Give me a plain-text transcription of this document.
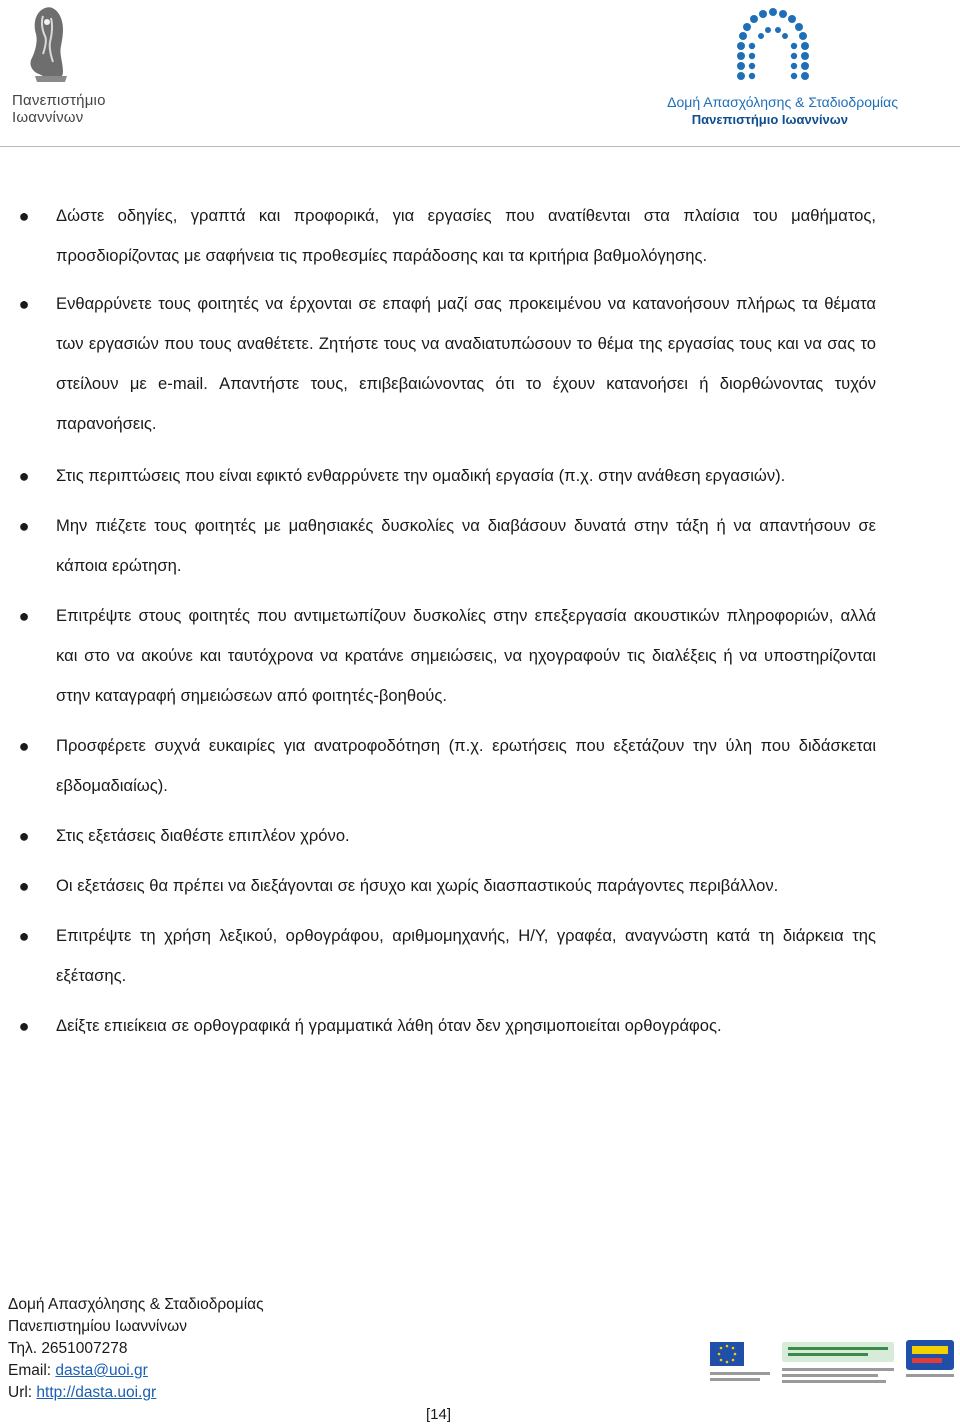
Πανεπιστήμιο
Ιωαννίνων
Δομή Απασχόλησης & Σταδιοδρομίας
Πανεπιστήμιο Ιωαννίνων
●	Δώστε οδηγίες, γραπτά και προφορικά, για εργασίες που ανατίθενται στα πλαίσια του μαθήματος, προσδιορίζοντας με σαφήνεια τις προθεσμίες παράδοσης και τα κριτήρια βαθμολόγησης.
●	Ενθαρρύνετε τους φοιτητές να έρχονται σε επαφή μαζί σας προκειμένου να κατανοήσουν πλήρως τα θέματα των εργασιών που τους αναθέτετε. Ζητήστε τους να αναδιατυπώσουν το θέμα της εργασίας τους και να σας το στείλουν με e-mail. Απαντήστε τους, επιβεβαιώνοντας ότι το έχουν κατανοήσει ή διορθώνοντας τυχόν παρανοήσεις.
●	Στις περιπτώσεις που είναι εφικτό ενθαρρύνετε την ομαδική εργασία (π.χ. στην ανάθεση εργασιών).
●	Μην πιέζετε τους φοιτητές με μαθησιακές δυσκολίες να διαβάσουν δυνατά στην τάξη ή να απαντήσουν σε κάποια ερώτηση.
●	Επιτρέψτε στους φοιτητές που αντιμετωπίζουν δυσκολίες στην επεξεργασία ακουστικών πληροφοριών, αλλά και στο να ακούνε και ταυτόχρονα να κρατάνε σημειώσεις, να ηχογραφούν τις διαλέξεις ή να υποστηρίζονται στην καταγραφή σημειώσεων από φοιτητές-βοηθούς.
●	Προσφέρετε συχνά ευκαιρίες για ανατροφοδότηση (π.χ. ερωτήσεις που εξετάζουν την ύλη που διδάσκεται εβδομαδιαίως).
●	Στις εξετάσεις διαθέστε επιπλέον χρόνο.
●	Οι εξετάσεις θα πρέπει να διεξάγονται σε ήσυχο και χωρίς διασπαστικούς παράγοντες περιβάλλον.
●	Επιτρέψτε τη χρήση λεξικού, ορθογράφου, αριθμομηχανής, Η/Υ, γραφέα, αναγνώστη κατά τη διάρκεια της εξέτασης.
●	Δείξτε επιείκεια σε ορθογραφικά ή γραμματικά λάθη όταν δεν χρησιμοποιείται ορθογράφος.
Δομή Απασχόλησης & Σταδιοδρομίας
Πανεπιστημίου Ιωαννίνων
Τηλ. 2651007278
Email: dasta@uoi.gr
Url: http://dasta.uoi.gr
[14]
